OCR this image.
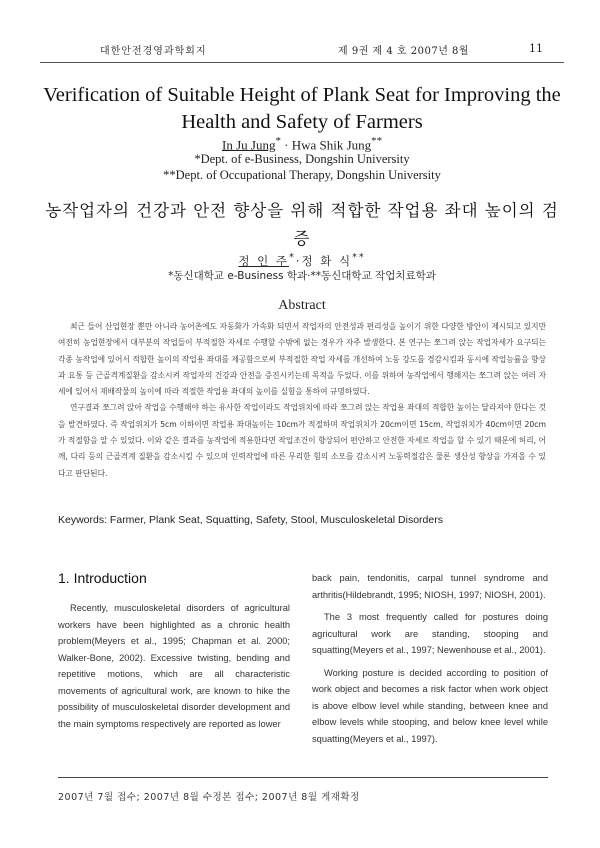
대한안전경영과학회지	제 9권 제 4 호 2007년 8월	11
Verification of Suitable Height of Plank Seat for Improving the Health and Safety of Farmers
In Ju Jung* · Hwa Shik Jung**
*Dept. of e-Business, Dongshin University
**Dept. of Occupational Therapy, Dongshin University
농작업자의 건강과 안전 향상을 위해 적합한 작업용 좌대 높이의 검증
정 인 주*·정 화 식**
*동신대학교 e-Business 학과·**동신대학교 작업치료학과
Abstract

최근 들어 산업현장 뿐만 아니라 농어촌에도 자동화가 가속화 되면서 작업자의 안전성과 편리성을 높이기 위한 다양한 방안이 제시되고 있지만 여전히 농업현장에서 대부분의 작업들이 부적절한 자세로 수행할 수밖에 없는 경우가 자주 발생한다. 본 연구는 쪼그려 앉는 작업자세가 요구되는 각종 농작업에 있어서 적합한 높이의 작업용 좌대를 제공함으로써 부적절한 작업 자세를 개선하여 노동 강도를 경감시킴과 동시에 작업능률을 향상과 요통 등 근골격계질환을 감소시켜 작업자의 건강과 안전을 증진시키는데 목적을 두었다. 이를 위하여 농작업에서 행해지는 쪼그려 앉는 여러 자세에 있어서 재배작물의 높이에 따라 적절한 작업용 좌대의 높이를 실험을 통하여 규명하였다.

연구결과 쪼그려 앉아 작업을 수행해야 하는 유사한 작업이라도 작업위치에 따라 쪼그려 앉는 작업용 좌대의 적합한 높이는 달라져야 한다는 것을 발견하였다. 즉 작업위치가 5cm 이하이면 작업용 좌대높이는 10cm가 적절하며 작업위치가 20cm이면 15cm, 작업위치가 40cm이면 20cm가 적절함을 알 수 있었다. 이와 같은 결과를 농작업에 적용한다면 작업조건이 향상되어 편안하고 안전한 자세로 작업을 할 수 있기 때문에 허리, 어깨, 다리 등의 근골격계 질환을 감소시킬 수 있으며 인력작업에 따른 무리한 힘의 소모를 감소시켜 노동력절감은 물론 생산성 향상을 가져올 수 있다고 판단된다.

Keywords: Farmer, Plank Seat, Squatting, Safety, Stool, Musculoskeletal Disorders
1. Introduction

Recently, musculoskeletal disorders of agricultural workers have been highlighted as a chronic health problem(Meyers et al., 1995; Chapman et al. 2000; Walker-Bone, 2002). Excessive twisting, bending and repetitive motions, which are all characteristic movements of agricultural work, are known to hike the possibility of musculoskeletal disorder development and the main symptoms respectively are reported as lower

back pain, tendonitis, carpal tunnel syndrome and arthritis(Hildebrandt, 1995; NIOSH, 1997; NIOSH, 2001).

The 3 most frequently called for postures doing agricultural work are standing, stooping and squatting(Meyers et al., 1997; Newenhouse et al., 2001).

Working posture is decided according to position of work object and becomes a risk factor when work object is above elbow level while standing, between knee and elbow levels while stooping, and below knee level while squatting(Meyers et al., 1997).

2007년 7월 접수; 2007년 8월 수정본 접수; 2007년 8월 게재확정
